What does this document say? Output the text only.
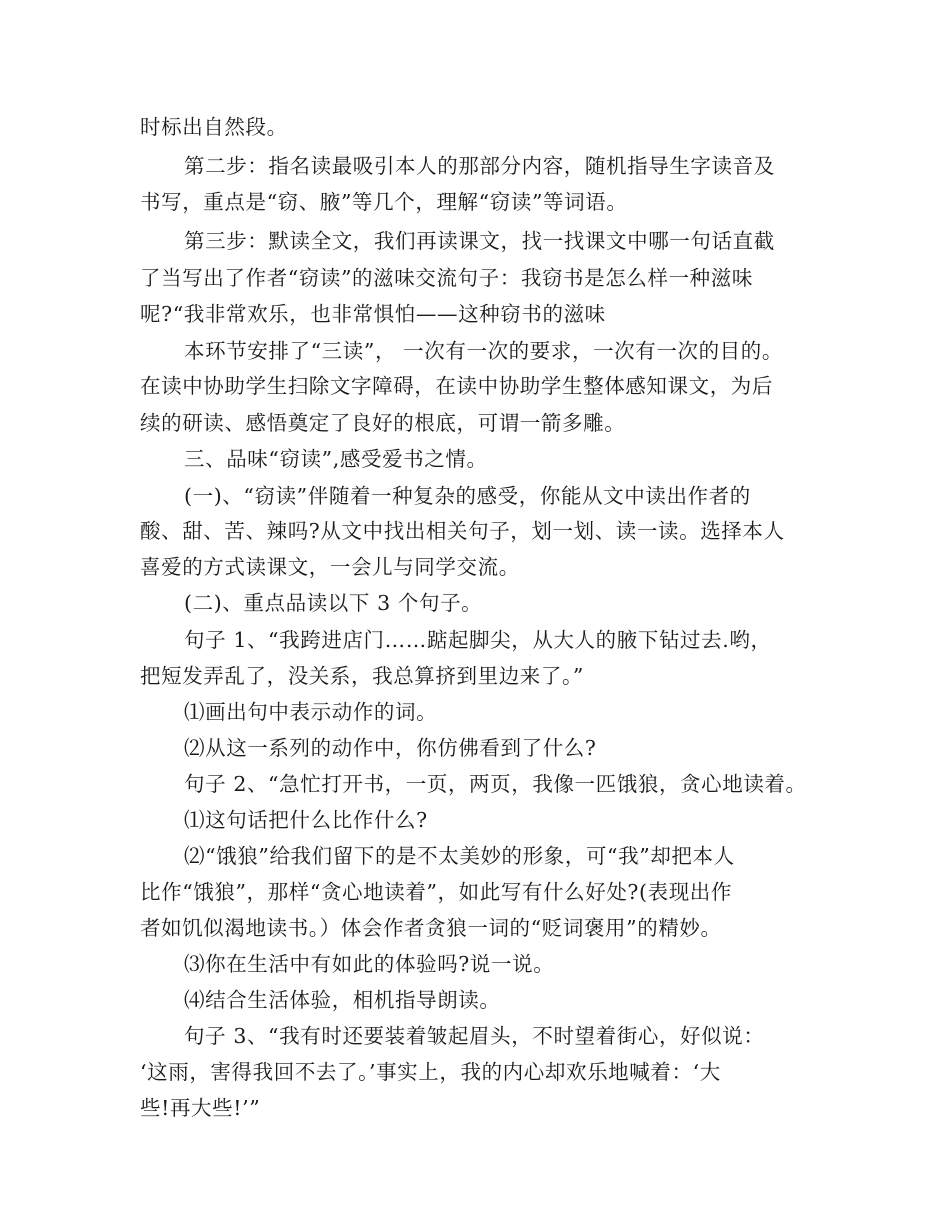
时标出自然段。
第二步：指名读最吸引本人的那部分内容，随机指导生字读音及
书写，重点是“窃、腋”等几个，理解“窃读”等词语。
第三步：默读全文，我们再读课文，找一找课文中哪一句话直截
了当写出了作者“窃读”的滋味交流句子：我窃书是怎么样一种滋味
呢?“我非常欢乐，也非常惧怕——这种窃书的滋味
本环节安排了“三读”， 一次有一次的要求，一次有一次的目的。
在读中协助学生扫除文字障碍，在读中协助学生整体感知课文，为后
续的研读、感悟奠定了良好的根底，可谓一箭多雕。
三、品味“窃读”,感受爱书之情。
(一)、“窃读”伴随着一种复杂的感受，你能从文中读出作者的
酸、甜、苦、辣吗?从文中找出相关句子，划一划、读一读。选择本人
喜爱的方式读课文，一会儿与同学交流。
(二)、重点品读以下 3 个句子。
句子 1、“我跨进店门……踮起脚尖，从大人的腋下钻过去.哟，
把短发弄乱了，没关系，我总算挤到里边来了。”
⑴画出句中表示动作的词。
⑵从这一系列的动作中，你仿佛看到了什么?
句子 2、“急忙打开书，一页，两页，我像一匹饿狼，贪心地读着。
⑴这句话把什么比作什么?
⑵“饿狼”给我们留下的是不太美妙的形象，可“我”却把本人
比作“饿狼”，那样“贪心地读着”，如此写有什么好处?(表现出作
者如饥似渴地读书。）体会作者贪狼一词的“贬词褒用”的精妙。
⑶你在生活中有如此的体验吗?说一说。
⑷结合生活体验，相机指导朗读。
句子 3、“我有时还要装着皱起眉头，不时望着街心，好似说：
‘这雨，害得我回不去了。’事实上，我的内心却欢乐地喊着：‘大
些!再大些!’”
